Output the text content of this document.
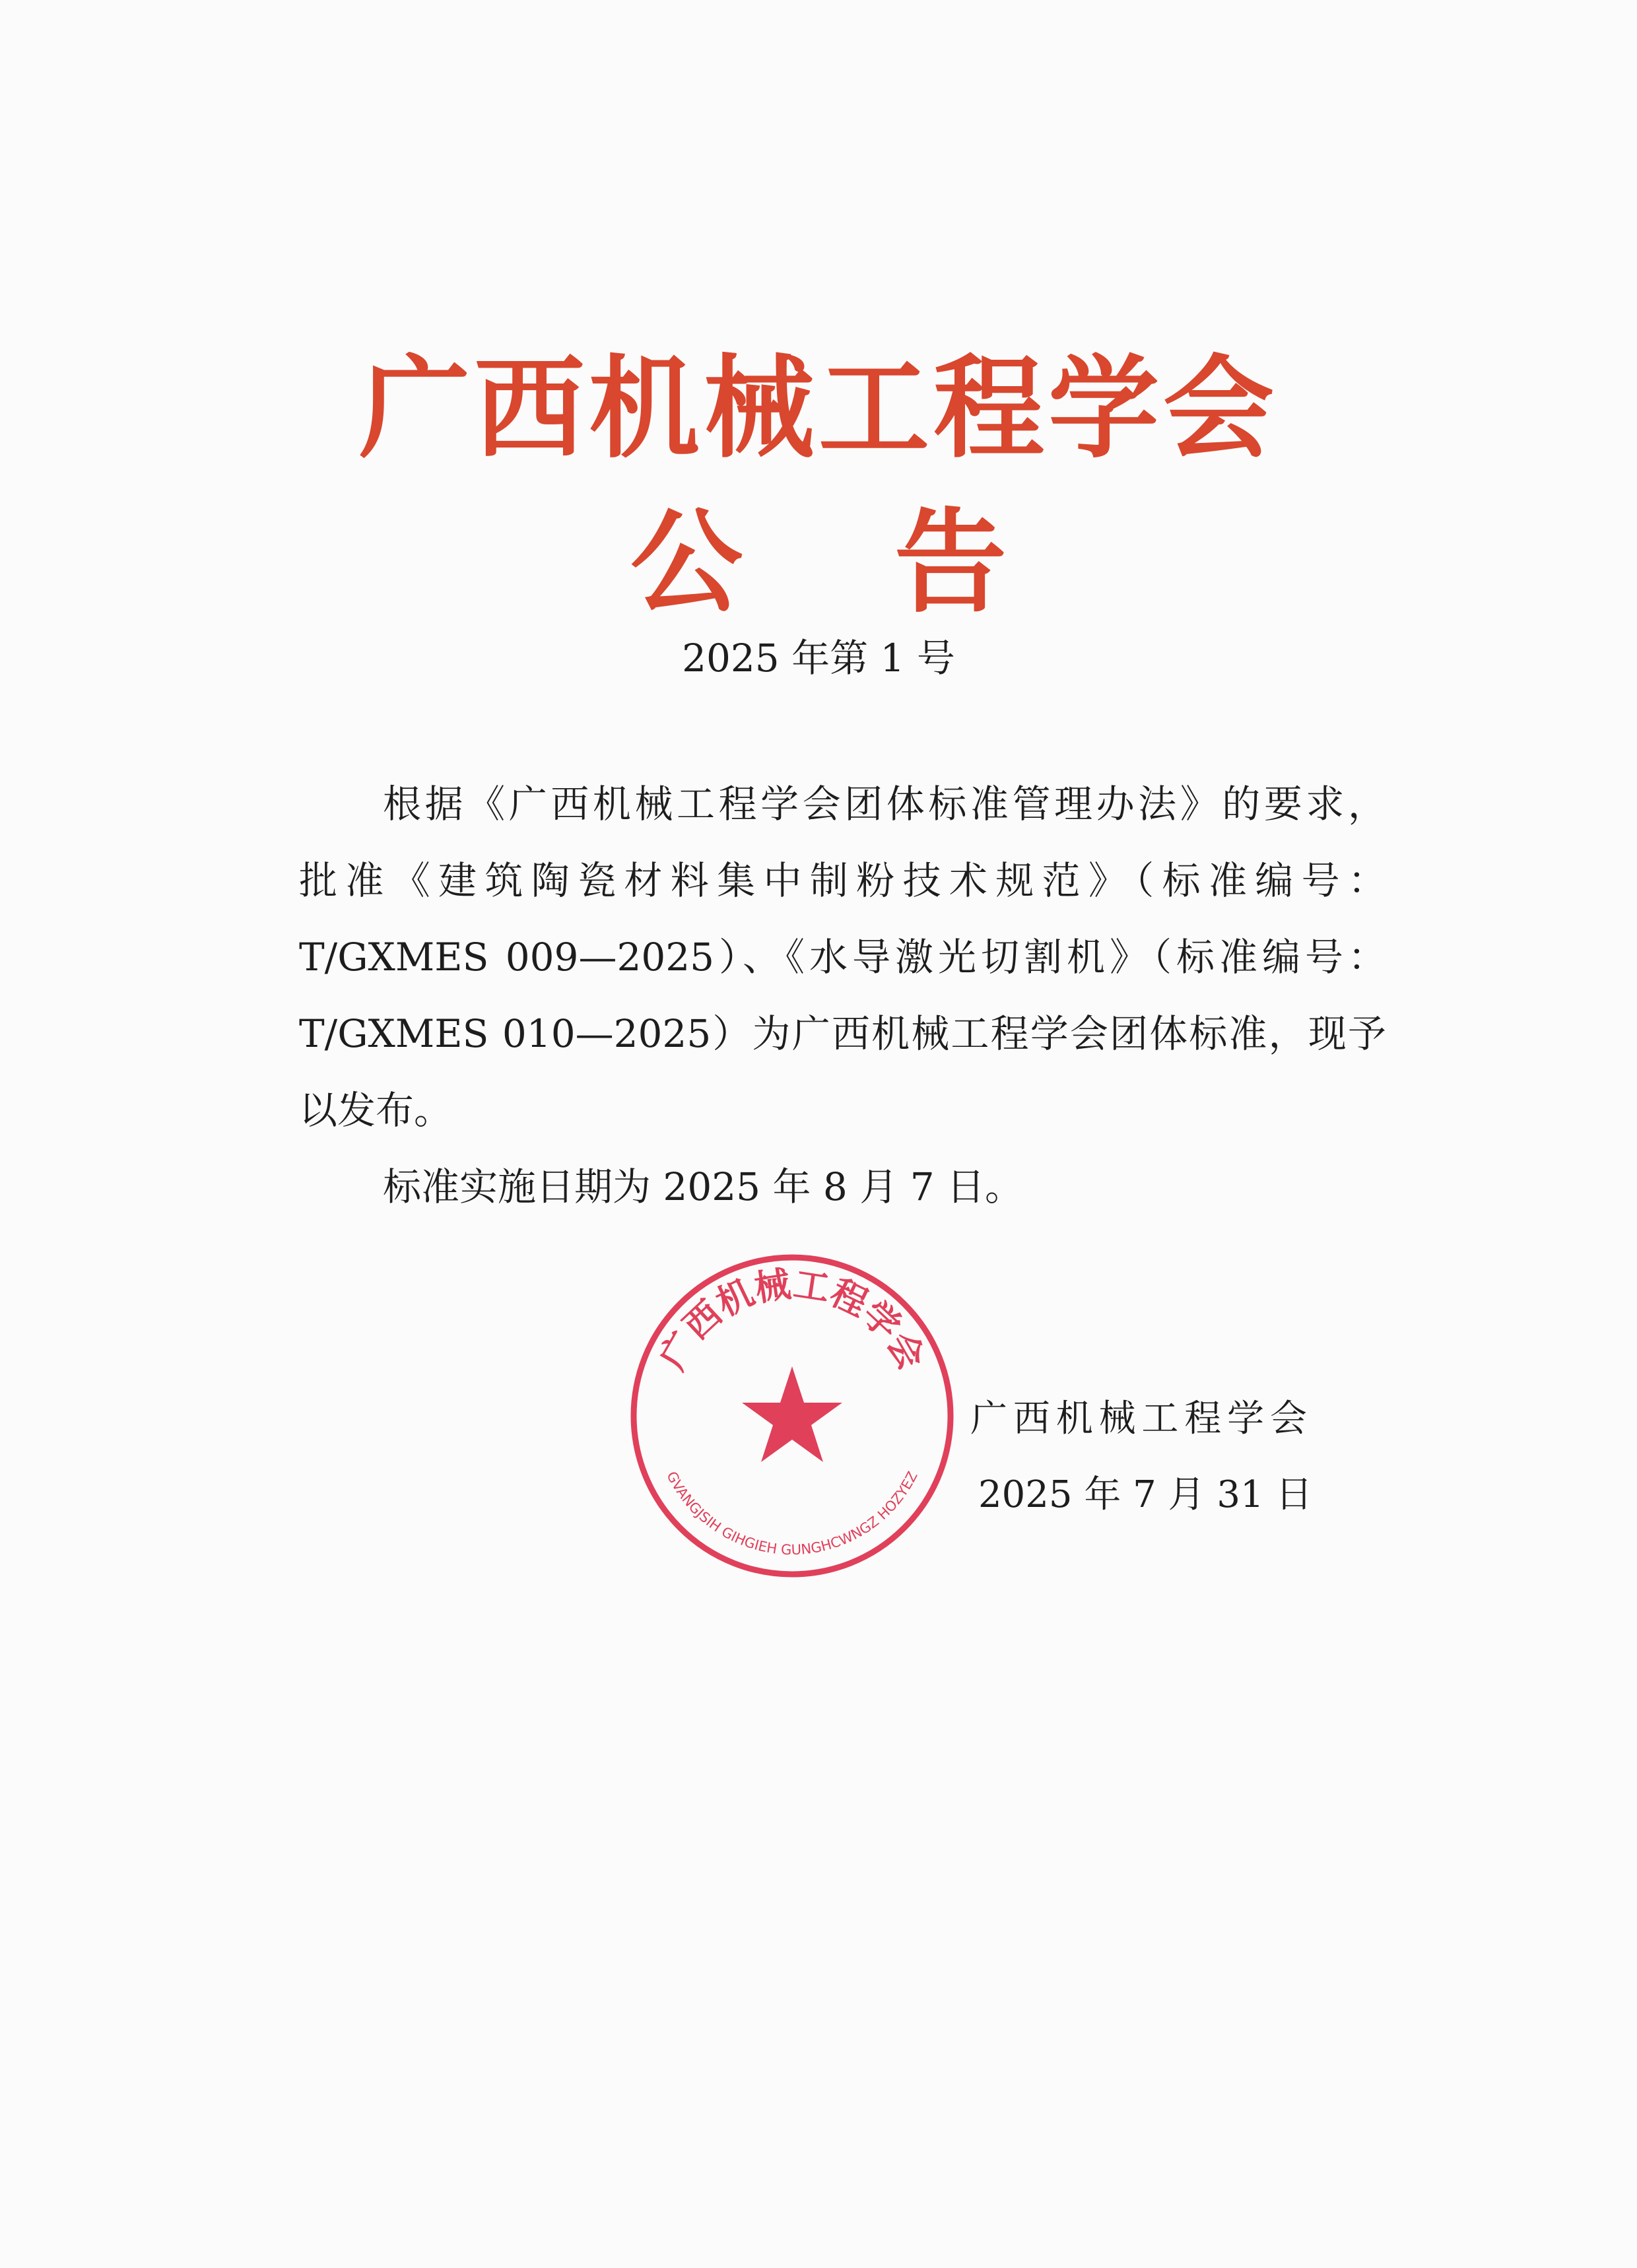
广西机械工程学会
公告
2025 年第 1 号
根据《广西机械工程学会团体标准管理办法》的要求，
批准《建筑陶瓷材料集中制粉技术规范》（标准编号：
T/GXMES 009—2025）、《水导激光切割机》（标准编号：
T/GXMES 010—2025）为广西机械工程学会团体标准，现予
以发布。
标准实施日期为 2025 年 8 月 7 日。
广西机械工程学会
GVANGJSIH GIHGIEH GUNGHCWNGZ HOZYEZ
广西机械工程学会
2025 年 7 月 31 日
